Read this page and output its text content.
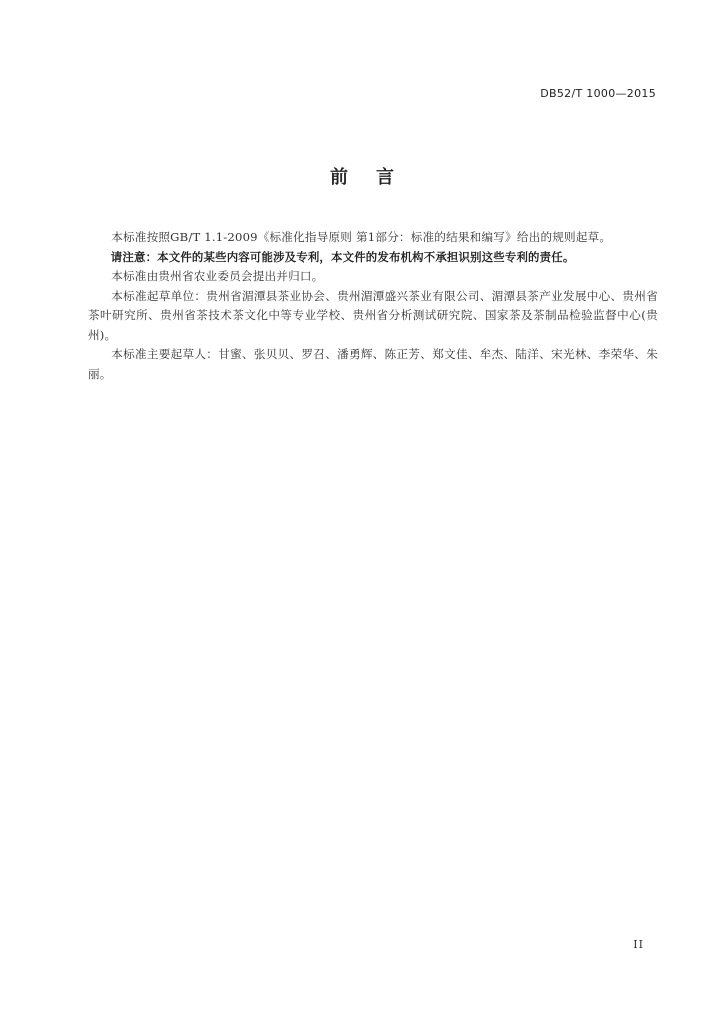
DB52/T 1000—2015
前言

本标准按照GB/T 1.1-2009《标准化指导原则 第1部分：标准的结果和编写》给出的规则起草。

请注意：本文件的某些内容可能涉及专利，本文件的发布机构不承担识别这些专利的责任。

本标准由贵州省农业委员会提出并归口。

本标准起草单位：贵州省湄潭县茶业协会、贵州湄潭盛兴茶业有限公司、湄潭县茶产业发展中心、贵州省茶叶研究所、贵州省茶技术茶文化中等专业学校、贵州省分析测试研究院、国家茶及茶制品检验监督中心(贵州)。

本标准主要起草人：甘蜜、张贝贝、罗召、潘勇辉、陈正芳、郑文佳、牟杰、陆洋、宋光林、李荣华、朱丽。

II
